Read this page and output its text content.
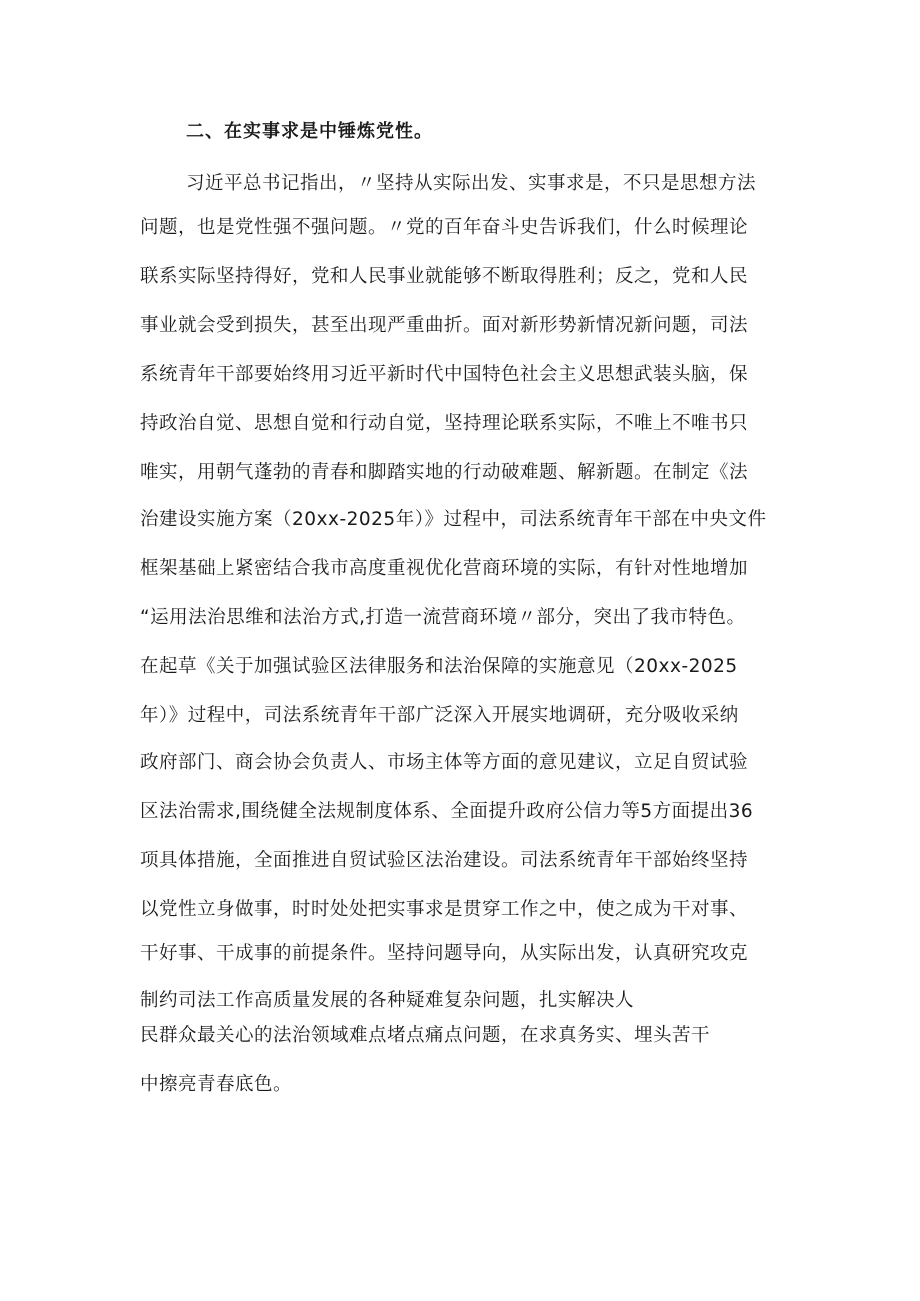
二、在实事求是中锤炼党性。
习近平总书记指出，〃坚持从实际出发、实事求是，不只是思想方法
问题，也是党性强不强问题。〃党的百年奋斗史告诉我们，什么时候理论
联系实际坚持得好，党和人民事业就能够不断取得胜利；反之，党和人民
事业就会受到损失，甚至出现严重曲折。面对新形势新情况新问题，司法
系统青年干部要始终用习近平新时代中国特色社会主义思想武装头脑，保
持政治自觉、思想自觉和行动自觉，坚持理论联系实际，不唯上不唯书只
唯实，用朝气蓬勃的青春和脚踏实地的行动破难题、解新题。在制定《法
治建设实施方案（20xx-2025年）》过程中，司法系统青年干部在中央文件
框架基础上紧密结合我市高度重视优化营商环境的实际，有针对性地增加
“运用法治思维和法治方式,打造一流营商环境〃部分，突出了我市特色。
在起草《关于加强试验区法律服务和法治保障的实施意见（20xx-2025
年）》过程中，司法系统青年干部广泛深入开展实地调研，充分吸收采纳
政府部门、商会协会负责人、市场主体等方面的意见建议，立足自贸试验
区法治需求,围绕健全法规制度体系、全面提升政府公信力等5方面提出36
项具体措施，全面推进自贸试验区法治建设。司法系统青年干部始终坚持
以党性立身做事，时时处处把实事求是贯穿工作之中，使之成为干对事、
干好事、干成事的前提条件。坚持问题导向，从实际出发，认真研究攻克
制约司法工作高质量发展的各种疑难复杂问题，扎实解决人
民群众最关心的法治领域难点堵点痛点问题，在求真务实、埋头苦干
中擦亮青春底色。
